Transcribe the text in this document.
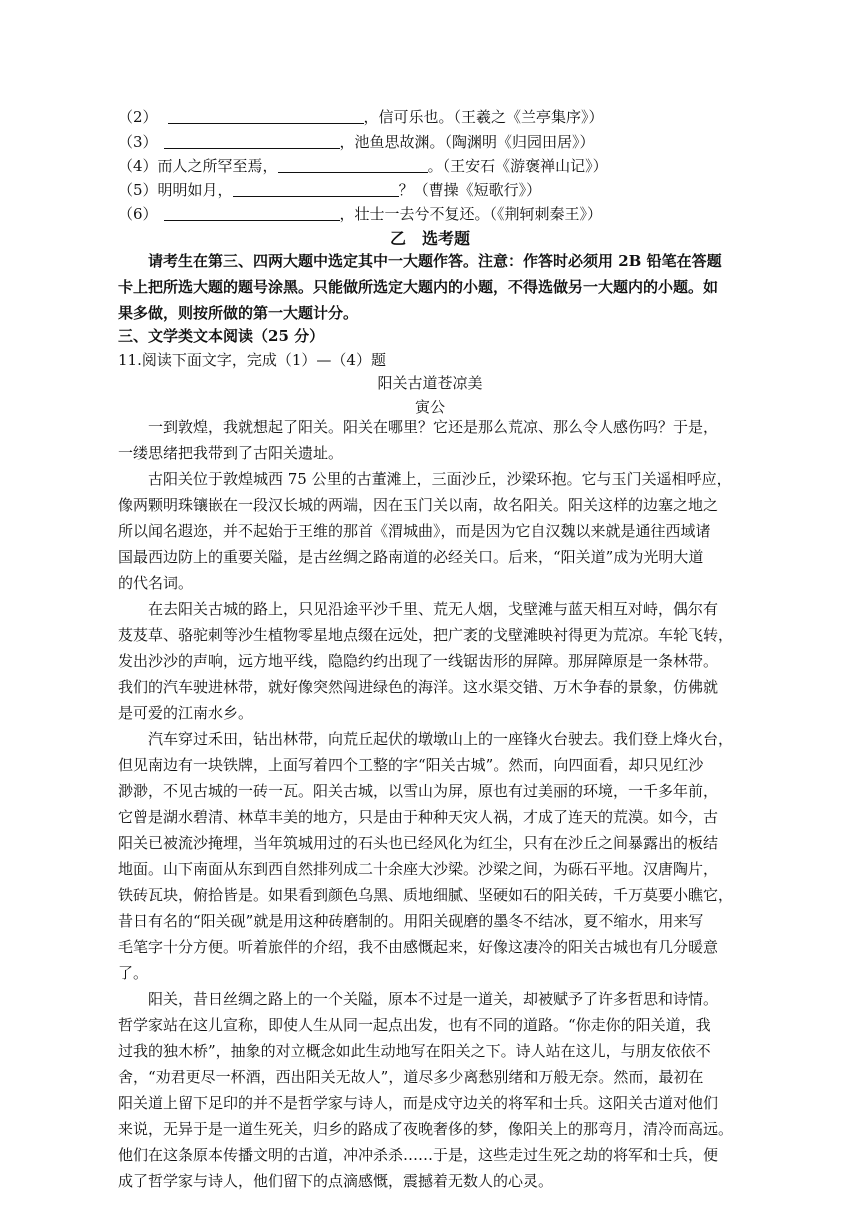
（2）	，信可乐也。（王羲之《兰亭集序》）
（3）	，池鱼思故渊。（陶渊明《归园田居》）
（4）而人之所罕至焉，	。（王安石《游褒禅山记》）
（5）明明如月，	？（曹操《短歌行》）
（6）	，壮士一去兮不复还。（《荆轲刺秦王》）
乙　选考题
请考生在第三、四两大题中选定其中一大题作答。注意：作答时必须用 2B 铅笔在答题
卡上把所选大题的题号涂黑。只能做所选定大题内的小题，不得选做另一大题内的小题。如
果多做，则按所做的第一大题计分。
三、文学类文本阅读（25 分）
11.阅读下面文字，完成（1）—（4）题
阳关古道苍凉美
寅公
一到敦煌，我就想起了阳关。阳关在哪里？它还是那么荒凉、那么令人感伤吗？于是，
一缕思绪把我带到了古阳关遗址。
古阳关位于敦煌城西 75 公里的古董滩上，三面沙丘，沙梁环抱。它与玉门关遥相呼应，
像两颗明珠镶嵌在一段汉长城的两端，因在玉门关以南，故名阳关。阳关这样的边塞之地之
所以闻名遐迩，并不起始于王维的那首《渭城曲》，而是因为它自汉魏以来就是通往西域诸
国最西边防上的重要关隘，是古丝绸之路南道的必经关口。后来，“阳关道”成为光明大道
的代名词。
在去阳关古城的路上，只见沿途平沙千里、荒无人烟，戈壁滩与蓝天相互对峙，偶尔有
芨芨草、骆驼刺等沙生植物零星地点缀在远处，把广袤的戈壁滩映衬得更为荒凉。车轮飞转，
发出沙沙的声响，远方地平线，隐隐约约出现了一线锯齿形的屏障。那屏障原是一条林带。
我们的汽车驶进林带，就好像突然闯进绿色的海洋。这水渠交错、万木争春的景象，仿佛就
是可爱的江南水乡。
汽车穿过禾田，钻出林带，向荒丘起伏的墩墩山上的一座锋火台驶去。我们登上烽火台，
但见南边有一块铁牌，上面写着四个工整的字“阳关古城”。然而，向四面看，却只见红沙
渺渺，不见古城的一砖一瓦。阳关古城，以雪山为屏，原也有过美丽的环境，一千多年前，
它曾是湖水碧清、林草丰美的地方，只是由于种种天灾人祸，才成了连天的荒漠。如今，古
阳关已被流沙掩埋，当年筑城用过的石头也已经风化为红尘，只有在沙丘之间暴露出的板结
地面。山下南面从东到西自然排列成二十余座大沙梁。沙梁之间，为砾石平地。汉唐陶片，
铁砖瓦块，俯拾皆是。如果看到颜色乌黑、质地细腻、坚硬如石的阳关砖，千万莫要小瞧它，
昔日有名的“阳关砚”就是用这种砖磨制的。用阳关砚磨的墨冬不结冰，夏不缩水，用来写
毛笔字十分方便。听着旅伴的介绍，我不由感慨起来，好像这凄冷的阳关古城也有几分暖意
了。
阳关，昔日丝绸之路上的一个关隘，原本不过是一道关，却被赋予了许多哲思和诗情。
哲学家站在这儿宣称，即使人生从同一起点出发，也有不同的道路。“你走你的阳关道，我
过我的独木桥”，抽象的对立概念如此生动地写在阳关之下。诗人站在这儿，与朋友依依不
舍，“劝君更尽一杯酒，西出阳关无故人”，道尽多少离愁别绪和万般无奈。然而，最初在
阳关道上留下足印的并不是哲学家与诗人，而是戍守边关的将军和士兵。这阳关古道对他们
来说，无异于是一道生死关，归乡的路成了夜晚奢侈的梦，像阳关上的那弯月，清冷而高远。
他们在这条原本传播文明的古道，冲冲杀杀……于是，这些走过生死之劫的将军和士兵，便
成了哲学家与诗人，他们留下的点滴感慨，震撼着无数人的心灵。
